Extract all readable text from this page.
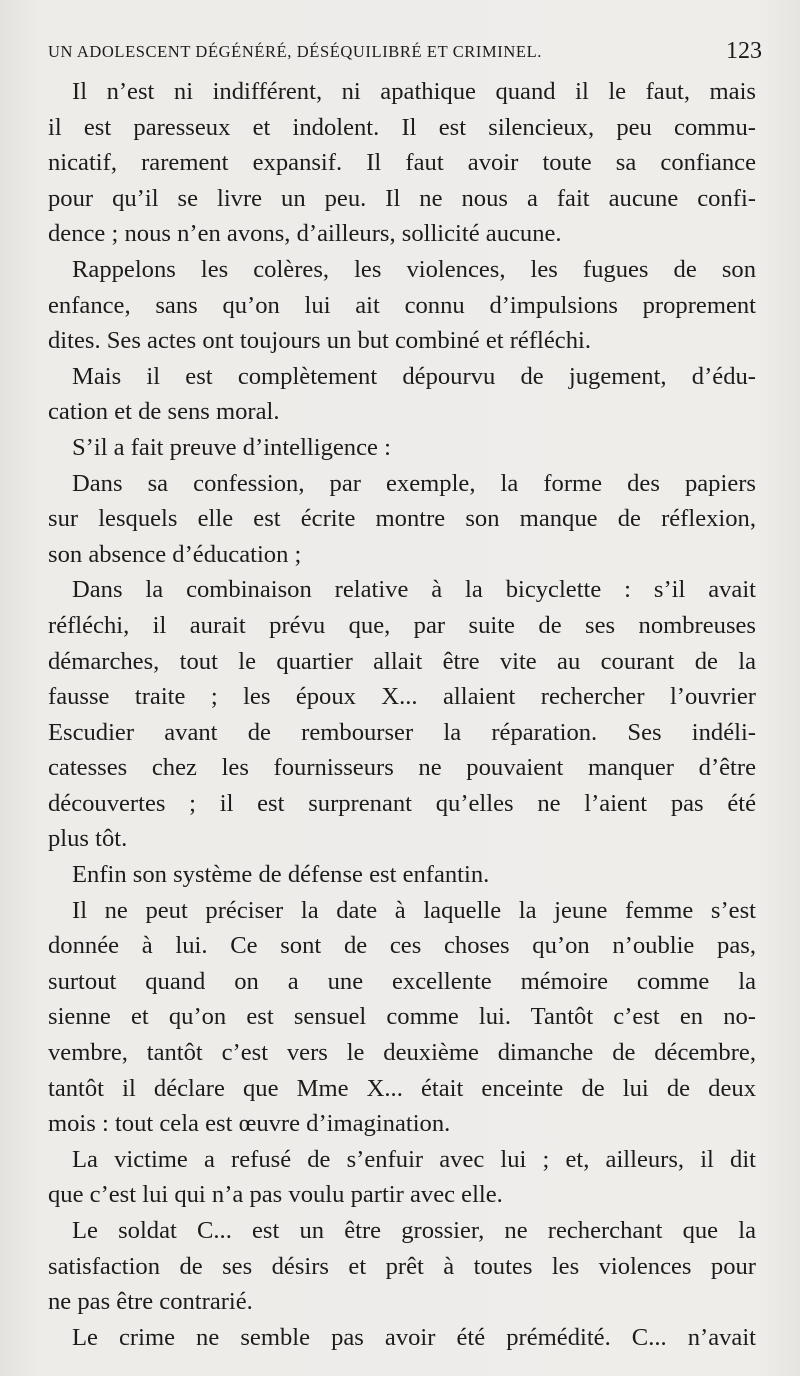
UN ADOLESCENT DÉGÉNÉRÉ, DÉSÉQUILIBRÉ ET CRIMINEL.	123
Il n’est ni indifférent, ni apathique quand il le faut, mais
il est paresseux et indolent. Il est silencieux, peu commu-
nicatif, rarement expansif. Il faut avoir toute sa confiance
pour qu’il se livre un peu. Il ne nous a fait aucune confi-
dence ; nous n’en avons, d’ailleurs, sollicité aucune.
Rappelons les colères, les violences, les fugues de son
enfance, sans qu’on lui ait connu d’impulsions proprement
dites. Ses actes ont toujours un but combiné et réfléchi.
Mais il est complètement dépourvu de jugement, d’édu-
cation et de sens moral.
S’il a fait preuve d’intelligence :
Dans sa confession, par exemple, la forme des papiers
sur lesquels elle est écrite montre son manque de réflexion,
son absence d’éducation ;
Dans la combinaison relative à la bicyclette : s’il avait
réfléchi, il aurait prévu que, par suite de ses nombreuses
démarches, tout le quartier allait être vite au courant de la
fausse traite ; les époux X... allaient rechercher l’ouvrier
Escudier avant de rembourser la réparation. Ses indéli-
catesses chez les fournisseurs ne pouvaient manquer d’être
découvertes ; il est surprenant qu’elles ne l’aient pas été
plus tôt.
Enfin son système de défense est enfantin.
Il ne peut préciser la date à laquelle la jeune femme s’est
donnée à lui. Ce sont de ces choses qu’on n’oublie pas,
surtout quand on a une excellente mémoire comme la
sienne et qu’on est sensuel comme lui. Tantôt c’est en no-
vembre, tantôt c’est vers le deuxième dimanche de décembre,
tantôt il déclare que Mme X... était enceinte de lui de deux
mois : tout cela est œuvre d’imagination.
La victime a refusé de s’enfuir avec lui ; et, ailleurs, il dit
que c’est lui qui n’a pas voulu partir avec elle.
Le soldat C... est un être grossier, ne recherchant que la
satisfaction de ses désirs et prêt à toutes les violences pour
ne pas être contrarié.
Le crime ne semble pas avoir été prémédité. C... n’avait
